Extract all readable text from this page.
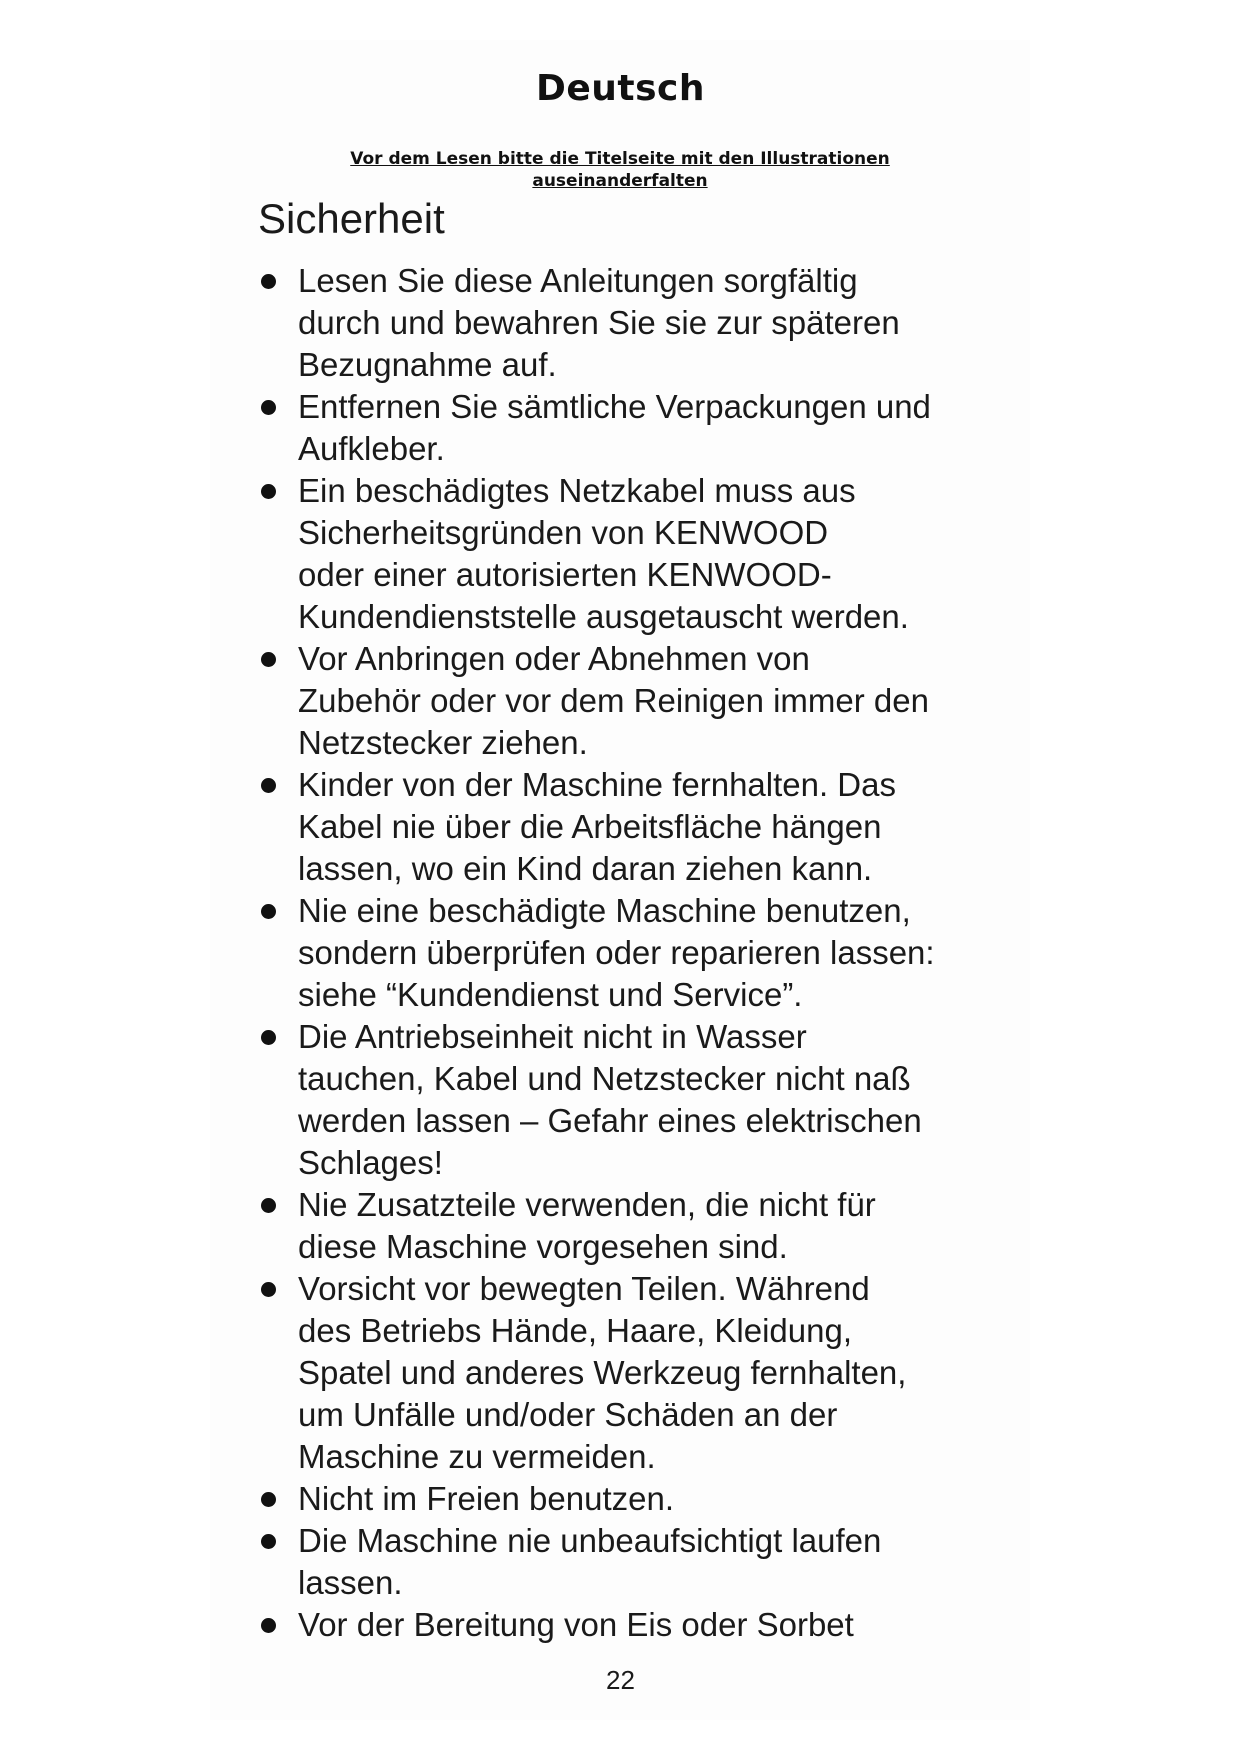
Deutsch
Vor dem Lesen bitte die Titelseite mit den Illustrationen
auseinanderfalten
Sicherheit
Lesen Sie diese Anleitungen sorgfältig
durch und bewahren Sie sie zur späteren
Bezugnahme auf.
Entfernen Sie sämtliche Verpackungen und
Aufkleber.
Ein beschädigtes Netzkabel muss aus
Sicherheitsgründen von KENWOOD
oder einer autorisierten KENWOOD-
Kundendienststelle ausgetauscht werden.
Vor Anbringen oder Abnehmen von
Zubehör oder vor dem Reinigen immer den
Netzstecker ziehen.
Kinder von der Maschine fernhalten. Das
Kabel nie über die Arbeitsfläche hängen
lassen, wo ein Kind daran ziehen kann.
Nie eine beschädigte Maschine benutzen,
sondern überprüfen oder reparieren lassen:
siehe “Kundendienst und Service”.
Die Antriebseinheit nicht in Wasser
tauchen, Kabel und Netzstecker nicht naß
werden lassen – Gefahr eines elektrischen
Schlages!
Nie Zusatzteile verwenden, die nicht für
diese Maschine vorgesehen sind.
Vorsicht vor bewegten Teilen. Während
des Betriebs Hände, Haare, Kleidung,
Spatel und anderes Werkzeug fernhalten,
um Unfälle und/oder Schäden an der
Maschine zu vermeiden.
Nicht im Freien benutzen.
Die Maschine nie unbeaufsichtigt laufen
lassen.
Vor der Bereitung von Eis oder Sorbet
22
